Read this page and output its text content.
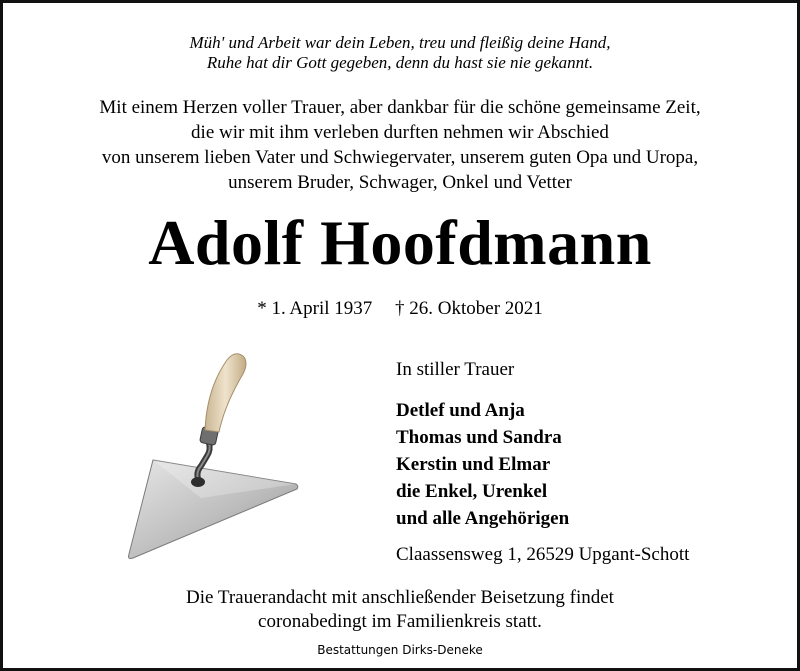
Müh' und Arbeit war dein Leben, treu und fleißig deine Hand,
Ruhe hat dir Gott gegeben, denn du hast sie nie gekannt.
Mit einem Herzen voller Trauer, aber dankbar für die schöne gemeinsame Zeit,
die wir mit ihm verleben durften nehmen wir Abschied
von unserem lieben Vater und Schwiegervater, unserem guten Opa und Uropa,
unserem Bruder, Schwager, Onkel und Vetter
Adolf Hoofdmann
* 1. April 1937 † 26. Oktober 2021
In stiller Trauer
Detlef und Anja
Thomas und Sandra
Kerstin und Elmar
die Enkel, Urenkel
und alle Angehörigen
Claassensweg 1, 26529 Upgant-Schott
Die Trauerandacht mit anschließender Beisetzung findet
coronabedingt im Familienkreis statt.
Bestattungen Dirks-Deneke
